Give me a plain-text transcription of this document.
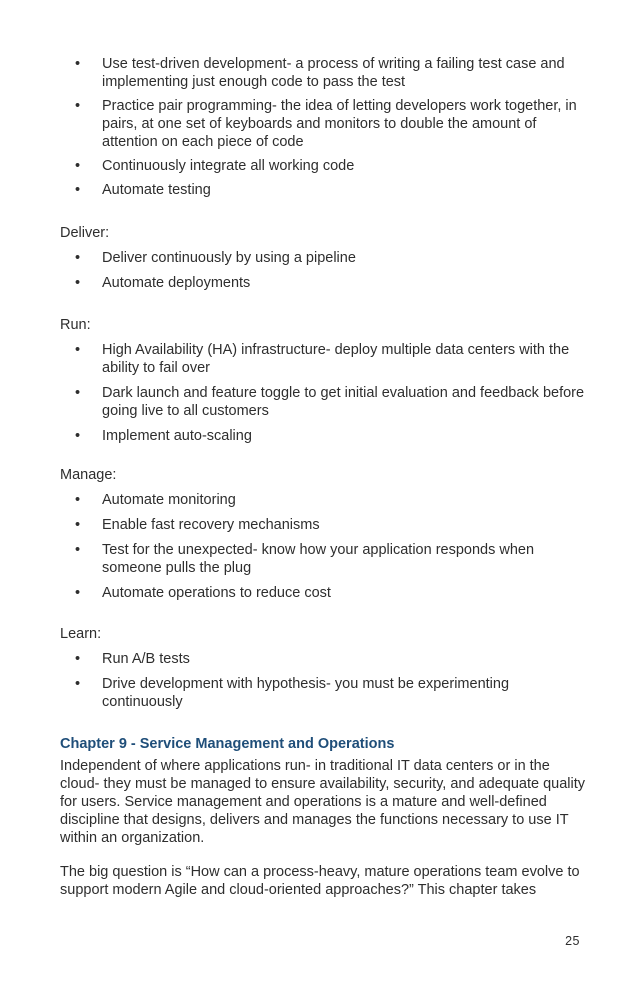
• Use test-driven development- a process of writing a failing test case and implementing just enough code to pass the test
• Practice pair programming- the idea of letting developers work together, in pairs, at one set of keyboards and monitors to double the amount of attention on each piece of code
• Continuously integrate all working code
• Automate testing
Deliver:
• Deliver continuously by using a pipeline
• Automate deployments
Run:
• High Availability (HA) infrastructure- deploy multiple data centers with the ability to fail over
• Dark launch and feature toggle to get initial evaluation and feedback before going live to all customers
• Implement auto-scaling
Manage:
• Automate monitoring
• Enable fast recovery mechanisms
• Test for the unexpected- know how your application responds when someone pulls the plug
• Automate operations to reduce cost
Learn:
• Run A/B tests
• Drive development with hypothesis- you must be experimenting continuously
Chapter 9 - Service Management and Operations

Independent of where applications run- in traditional IT data centers or in the cloud- they must be managed to ensure availability, security, and adequate quality for users. Service management and operations is a mature and well-defined discipline that designs, delivers and manages the functions necessary to use IT within an organization.

The big question is “How can a process-heavy, mature operations team evolve to support modern Agile and cloud-oriented approaches?” This chapter takes

25
